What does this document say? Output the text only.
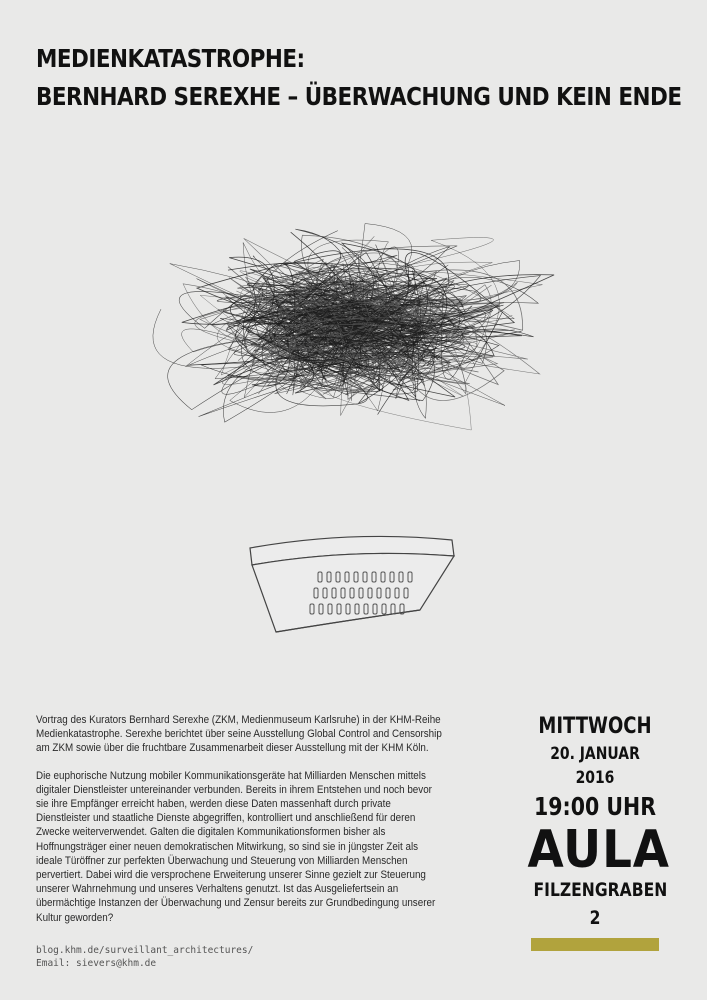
MEDIENKATASTROPHE:
BERNHARD SEREXHE – ÜBERWACHUNG UND KEIN ENDE

Vortrag des Kurators Bernhard Serexhe (ZKM, Medienmuseum Karlsruhe) in der KHM-Reihe Medienkatastrophe. Serexhe berichtet über seine Ausstellung Global Control and Censorship am ZKM sowie über die fruchtbare Zusammenarbeit dieser Ausstellung mit der KHM Köln.

Die euphorische Nutzung mobiler Kommunikationsgeräte hat Milliarden Menschen mittels digitaler Dienstleister untereinander verbunden. Bereits in ihrem Entstehen und noch bevor sie ihre Empfänger erreicht haben, werden diese Daten massenhaft durch private Dienstleister und staatliche Dienste abgegriffen, kontrolliert und anschließend für deren Zwecke weiterverwendet. Galten die digitalen Kommunikationsformen bisher als Hoffnungsträger einer neuen demokratischen Mitwirkung, so sind sie in jüngster Zeit als ideale Türöffner zur perfekten Überwachung und Steuerung von Milliarden Menschen pervertiert. Dabei wird die versprochene Erweiterung unserer Sinne gezielt zur Steuerung unserer Wahrnehmung und unseres Verhaltens genutzt. Ist das Ausgeliefertsein an übermächtige Instanzen der Überwachung und Zensur bereits zur Grundbedingung unserer Kultur geworden?

MITTWOCH
20. JANUAR 2016
19:00 UHR
AULA
FILZENGRABEN 2
blog.khm.de/surveillant_architectures/
Email: sievers@khm.de
